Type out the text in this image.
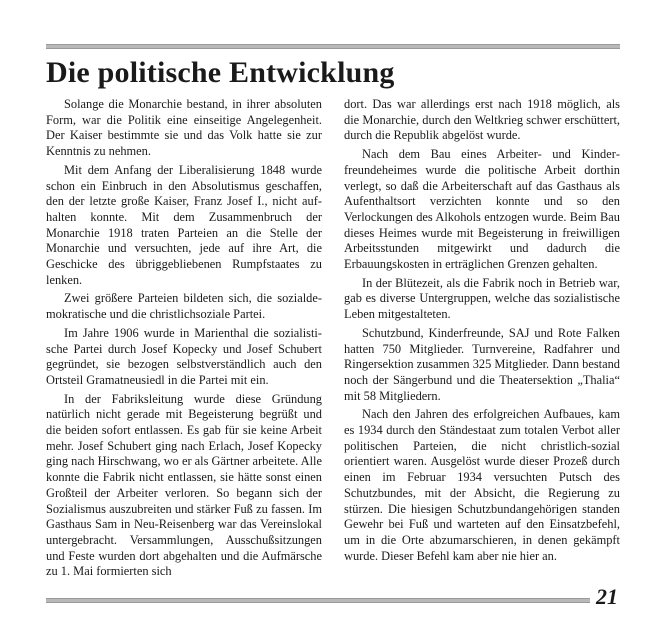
Die politische Entwicklung

Solange die Monarchie bestand, in ihrer absoluten Form, war die Politik eine einseitige Angelegenheit. Der Kaiser bestimmte sie und das Volk hatte sie zur Kenntnis zu nehmen.

Mit dem Anfang der Liberalisierung 1848 wurde schon ein Einbruch in den Absolutismus geschaffen, den der letzte große Kaiser, Franz Josef I., nicht aufhalten konnte. Mit dem Zusammenbruch der Monarchie 1918 traten Parteien an die Stelle der Monarchie und versuchten, jede auf ihre Art, die Geschicke des übriggebliebenen Rumpfstaates zu lenken.

Zwei größere Parteien bildeten sich, die sozialdemokratische und die christlichsoziale Partei.

Im Jahre 1906 wurde in Marienthal die sozialistische Partei durch Josef Kopecky und Josef Schubert gegründet, sie bezogen selbstverständlich auch den Ortsteil Gramatneusiedl in die Partei mit ein.

In der Fabriksleitung wurde diese Gründung natürlich nicht gerade mit Begeisterung begrüßt und die beiden sofort entlassen. Es gab für sie keine Arbeit mehr. Josef Schubert ging nach Erlach, Josef Kopecky ging nach Hirschwang, wo er als Gärtner arbeitete. Alle konnte die Fabrik nicht entlassen, sie hätte sonst einen Großteil der Arbeiter verloren. So begann sich der Sozialismus auszubreiten und stärker Fuß zu fassen. Im Gasthaus Sam in Neu-Reisenberg war das Vereinslokal untergebracht. Versammlungen, Ausschußsitzungen und Feste wurden dort abgehalten und die Aufmärsche zu 1. Mai formierten sich

dort. Das war allerdings erst nach 1918 möglich, als die Monarchie, durch den Weltkrieg schwer erschüttert, durch die Republik abgelöst wurde.

Nach dem Bau eines Arbeiter- und Kinderfreundeheimes wurde die politische Arbeit dorthin verlegt, so daß die Arbeiterschaft auf das Gasthaus als Aufenthaltsort verzichten konnte und so den Verlockungen des Alkohols entzogen wurde. Beim Bau dieses Heimes wurde mit Begeisterung in freiwilligen Arbeitsstunden mitgewirkt und dadurch die Erbauungskosten in erträglichen Grenzen gehalten.

In der Blütezeit, als die Fabrik noch in Betrieb war, gab es diverse Untergruppen, welche das sozialistische Leben mitgestalteten.

Schutzbund, Kinderfreunde, SAJ und Rote Falken hatten 750 Mitglieder. Turnvereine, Radfahrer und Ringersektion zusammen 325 Mitglieder. Dann bestand noch der Sängerbund und die Theatersektion „Thalia“ mit 58 Mitgliedern.

Nach den Jahren des erfolgreichen Aufbaues, kam es 1934 durch den Ständestaat zum totalen Verbot aller politischen Parteien, die nicht christlich-sozial orientiert waren. Ausgelöst wurde dieser Prozeß durch einen im Februar 1934 versuchten Putsch des Schutzbundes, mit der Absicht, die Regierung zu stürzen. Die hiesigen Schutzbundangehörigen standen Gewehr bei Fuß und warteten auf den Einsatzbefehl, um in die Orte abzumarschieren, in denen gekämpft wurde. Dieser Befehl kam aber nie hier an.

21
